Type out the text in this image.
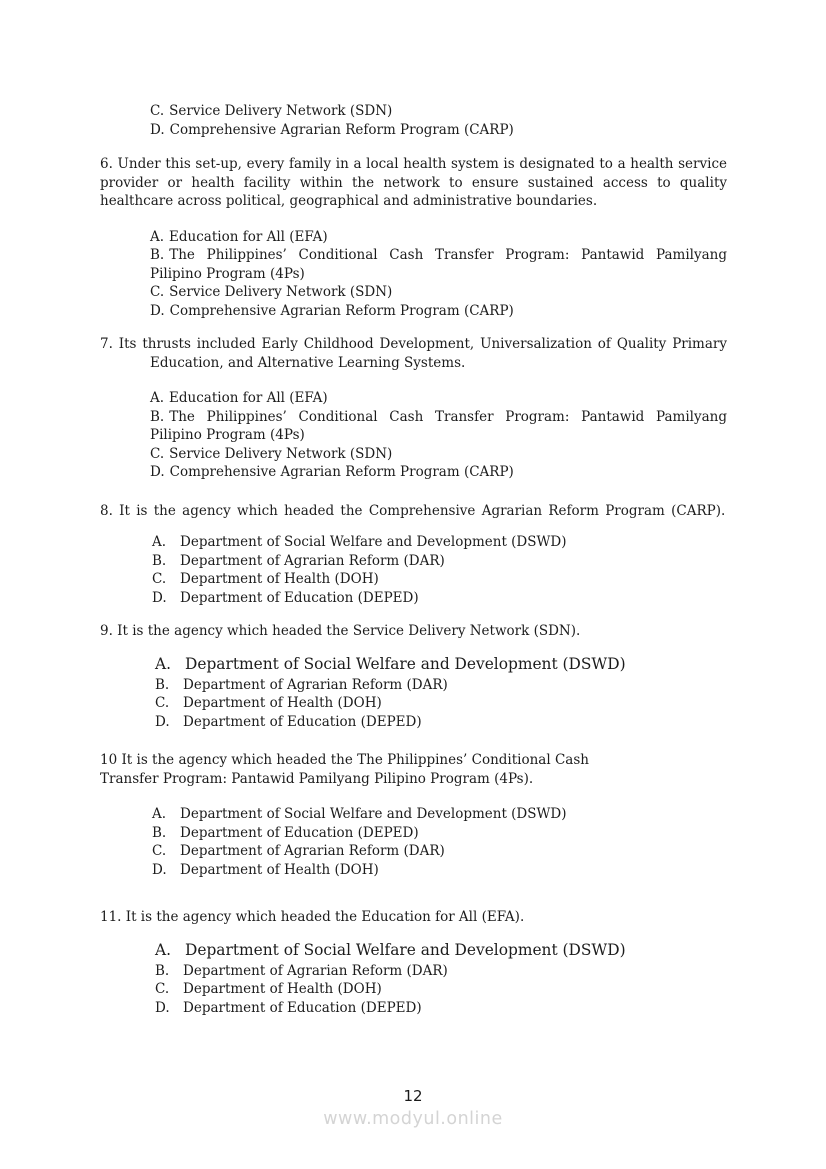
C. Service Delivery Network (SDN)
D. Comprehensive Agrarian Reform Program (CARP)

6. Under this set-up, every family in a local health system is designated to a health service provider or health facility within the network to ensure sustained access to quality healthcare across political, geographical and administrative boundaries.

A. Education for All (EFA)
B. The Philippines’ Conditional Cash Transfer Program: Pantawid Pamilyang Pilipino Program (4Ps)
C. Service Delivery Network (SDN)
D. Comprehensive Agrarian Reform Program (CARP)

7. Its thrusts included Early Childhood Development, Universalization of Quality Primary Education, and Alternative Learning Systems.

A. Education for All (EFA)
B. The Philippines’ Conditional Cash Transfer Program: Pantawid Pamilyang Pilipino Program (4Ps)
C. Service Delivery Network (SDN)
D. Comprehensive Agrarian Reform Program (CARP)

8. It is the agency which headed the Comprehensive Agrarian Reform Program (CARP).

A. Department of Social Welfare and Development (DSWD)
B. Department of Agrarian Reform (DAR)
C. Department of Health (DOH)
D. Department of Education (DEPED)

9. It is the agency which headed the Service Delivery Network (SDN).

A. Department of Social Welfare and Development (DSWD)
B. Department of Agrarian Reform (DAR)
C. Department of Health (DOH)
D. Department of Education (DEPED)

10 It is the agency which headed the The Philippines’ Conditional Cash Transfer Program: Pantawid Pamilyang Pilipino Program (4Ps).

A. Department of Social Welfare and Development (DSWD)
B. Department of Education (DEPED)
C. Department of Agrarian Reform (DAR)
D. Department of Health (DOH)

11. It is the agency which headed the Education for All (EFA).

A. Department of Social Welfare and Development (DSWD)
B. Department of Agrarian Reform (DAR)
C. Department of Health (DOH)
D. Department of Education (DEPED)
12
www.modyul.online
